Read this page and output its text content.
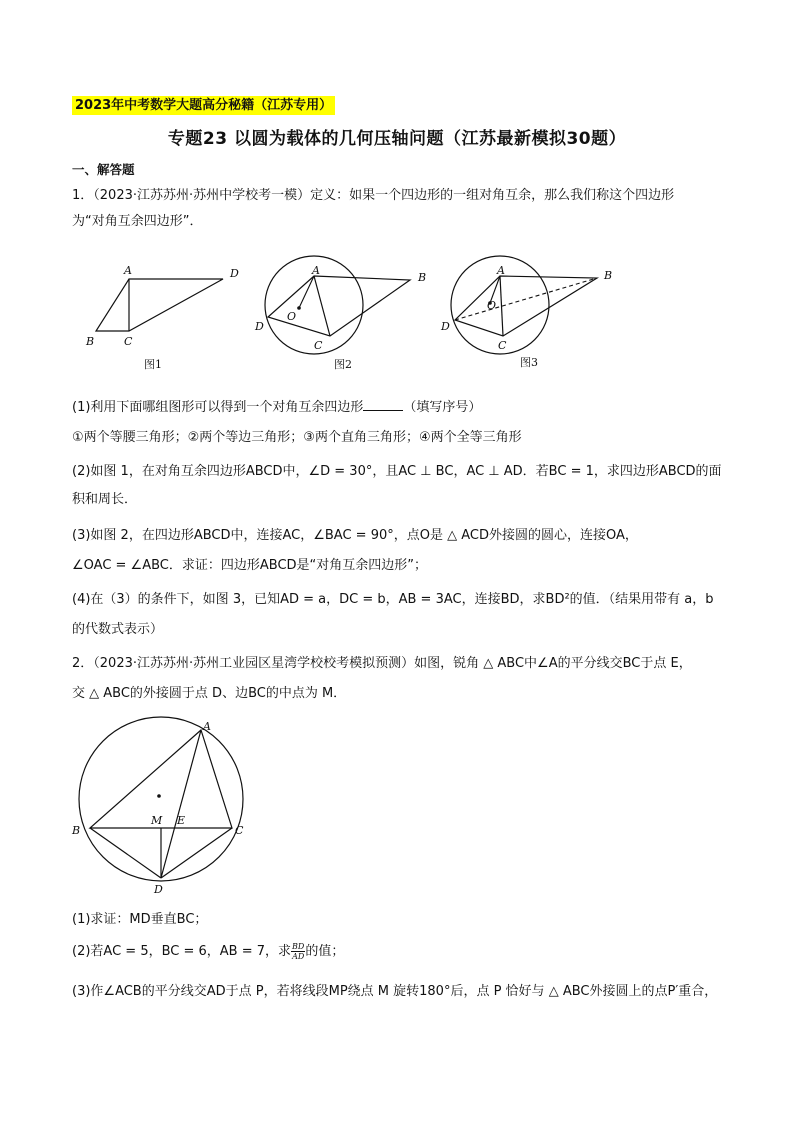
2023年中考数学大题高分秘籍（江苏专用）
专题23 以圆为载体的几何压轴问题（江苏最新模拟30题）
一、解答题
1．（2023·江苏苏州·苏州中学校考一模）定义：如果一个四边形的一组对角互余，那么我们称这个四边形
为“对角互余四边形”．
A	D
B	C
图1
A
B
D
O
C
图2
A	B
D
O
C
图3
(1)利用下面哪组图形可以得到一个对角互余四边形	（填写序号）
①两个等腰三角形；②两个等边三角形；③两个直角三角形；④两个全等三角形
(2)如图 1，在对角互余四边形ABCD中，∠D = 30°，且AC ⊥ BC，AC ⊥ AD．若BC = 1，求四边形ABCD的面
积和周长．
(3)如图 2，在四边形ABCD中，连接AC，∠BAC = 90°，点O是 △ ACD外接圆的圆心，连接OA，
∠OAC = ∠ABC．求证：四边形ABCD是“对角互余四边形”；
(4)在（3）的条件下，如图 3，已知AD = a，DC = b，AB = 3AC，连接BD，求BD²的值．（结果用带有 a，b
的代数式表示）
2．（2023·江苏苏州·苏州工业园区星湾学校校考模拟预测）如图，锐角 △ ABC中∠A的平分线交BC于点 E，
交 △ ABC的外接圆于点 D、边BC的中点为 M．
A
B	C
D
E
M
(1)求证：MD垂直BC；
(2)若AC = 5，BC = 6，AB = 7，求 $\frac{BD}{AD}$ 的值；
(3)作∠ACB的平分线交AD于点 P，若将线段MP绕点 M 旋转180°后，点 P 恰好与 △ ABC外接圆上的点P′重合，
